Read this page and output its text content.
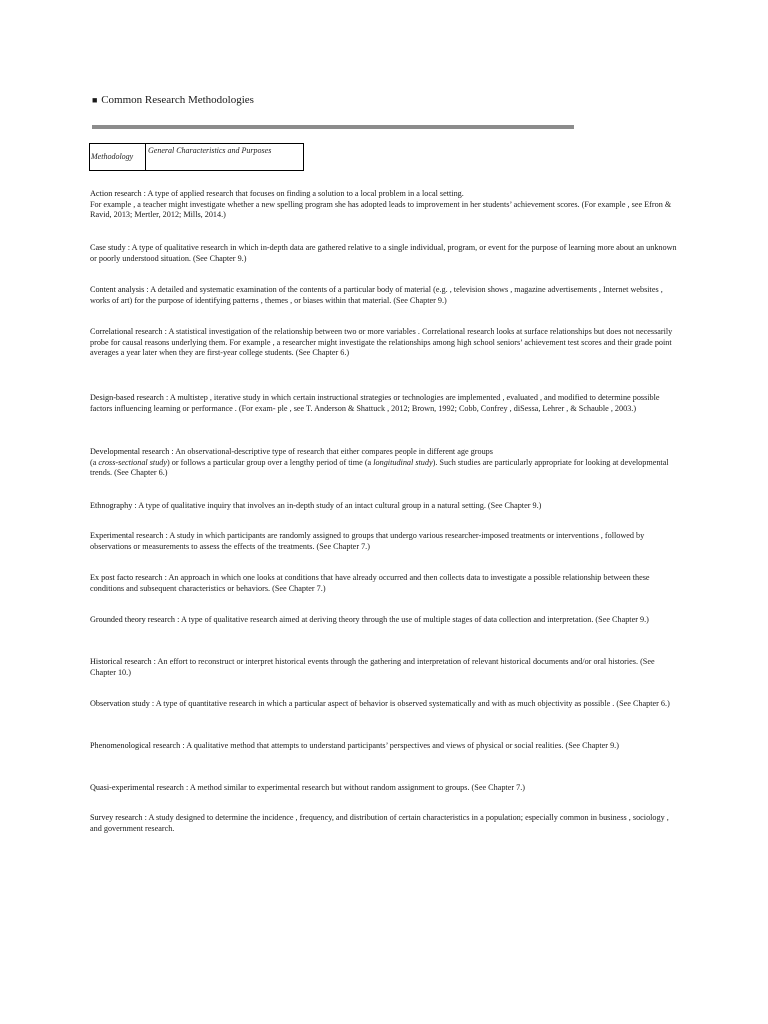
■ Common Research Methodologies
Methodology
General Characteristics and Purposes
Action research : A type of applied research that focuses on finding a solution to a local problem in a local setting.
For example , a teacher might investigate whether a new spelling program she has adopted leads to improvement in her students’ achievement scores. (For example , see Efron & Ravid, 2013; Mertler, 2012; Mills, 2014.)
Case study : A type of qualitative research in which in-depth data are gathered relative to a single individual, program, or event for the purpose of learning more about an unknown or poorly understood situation. (See Chapter 9.)
Content analysis : A detailed and systematic examination of the contents of a particular body of material (e.g. , television shows , magazine advertisements , Internet websites , works of art) for the purpose of identifying patterns , themes , or biases within that material. (See Chapter 9.)
Correlational research : A statistical investigation of the relationship between two or more variables . Correlational research looks at surface relationships but does not necessarily probe for causal reasons underlying them. For example , a researcher might investigate the relationships among high school seniors’ achievement test scores and their grade point averages a year later when they are first-year college students. (See Chapter 6.)
Design-based research : A multistep , iterative study in which certain instructional strategies or technologies are implemented , evaluated , and modified to determine possible factors influencing learning or performance . (For exam- ple , see T. Anderson & Shattuck , 2012; Brown, 1992; Cobb, Confrey , diSessa, Lehrer , & Schauble , 2003.)
Developmental research : An observational-descriptive type of research that either compares people in different age groups
(a cross-sectional study) or follows a particular group over a lengthy period of time (a longitudinal study). Such studies are particularly appropriate for looking at developmental trends. (See Chapter 6.)
Ethnography : A type of qualitative inquiry that involves an in-depth study of an intact cultural group in a natural setting. (See Chapter 9.)
Experimental research : A study in which participants are randomly assigned to groups that undergo various researcher-imposed treatments or interventions , followed by observations or measurements to assess the effects of the treatments. (See Chapter 7.)
Ex post facto research : An approach in which one looks at conditions that have already occurred and then collects data to investigate a possible relationship between these conditions and subsequent characteristics or behaviors. (See Chapter 7.)
Grounded theory research : A type of qualitative research aimed at deriving theory through the use of multiple stages of data collection and interpretation. (See Chapter 9.)
Historical research : An effort to reconstruct or interpret historical events through the gathering and interpretation of relevant historical documents and/or oral histories. (See Chapter 10.)
Observation study : A type of quantitative research in which a particular aspect of behavior is observed systematically and with as much objectivity as possible . (See Chapter 6.)
Phenomenological research : A qualitative method that attempts to understand participants’ perspectives and views of physical or social realities. (See Chapter 9.)
Quasi-experimental research : A method similar to experimental research but without random assignment to groups. (See Chapter 7.)
Survey research : A study designed to determine the incidence , frequency, and distribution of certain characteristics in a population; especially common in business , sociology , and government research.
